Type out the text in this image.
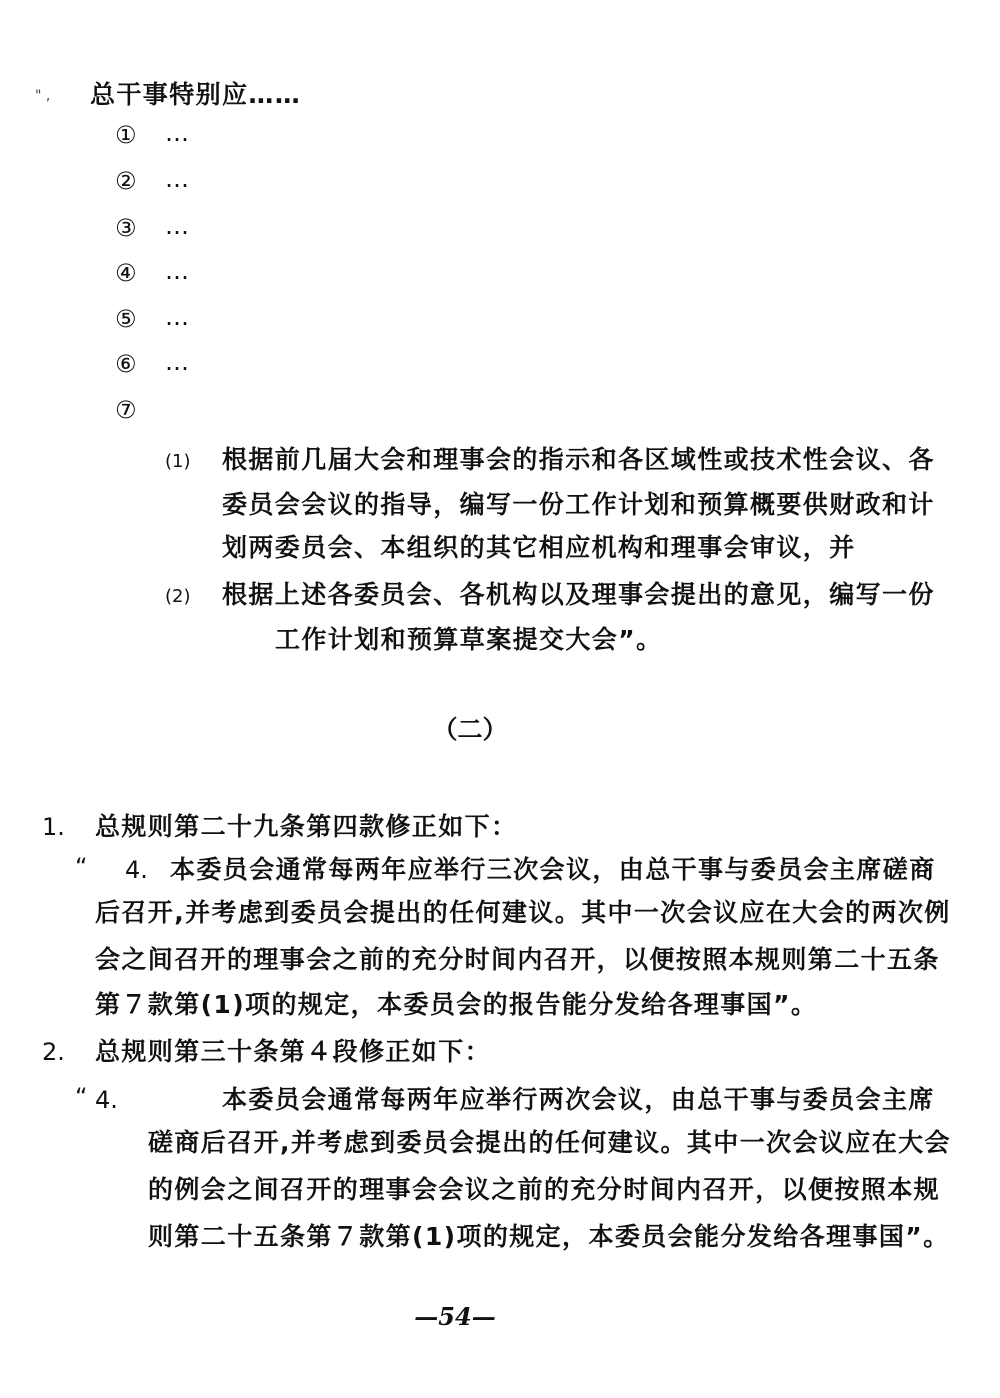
" , 总干事特别应……
① …
② …
③ …
④ …
⑤ …
⑥ …
⑦
(1) 根据前几届大会和理事会的指示和各区域性或技术性会议、各
委员会会议的指导，编写一份工作计划和预算概要供财政和计
划两委员会、本组织的其它相应机构和理事会审议，并
(2) 根据上述各委员会、各机构以及理事会提出的意见，编写一份
工作计划和预算草案提交大会”。
（二）
1. 总规则第二十九条第四款修正如下：
“ 4. 本委员会通常每两年应举行三次会议，由总干事与委员会主席磋商
后召开,并考虑到委员会提出的任何建议。其中一次会议应在大会的两次例
会之间召开的理事会之前的充分时间内召开，以便按照本规则第二十五条
第７款第(1)项的规定，本委员会的报告能分发给各理事国”。
2. 总规则第三十条第４段修正如下：
“ 4.	本委员会通常每两年应举行两次会议，由总干事与委员会主席
磋商后召开,并考虑到委员会提出的任何建议。其中一次会议应在大会
的例会之间召开的理事会会议之前的充分时间内召开，以便按照本规
则第二十五条第７款第(1)项的规定，本委员会能分发给各理事国”。
—54—
